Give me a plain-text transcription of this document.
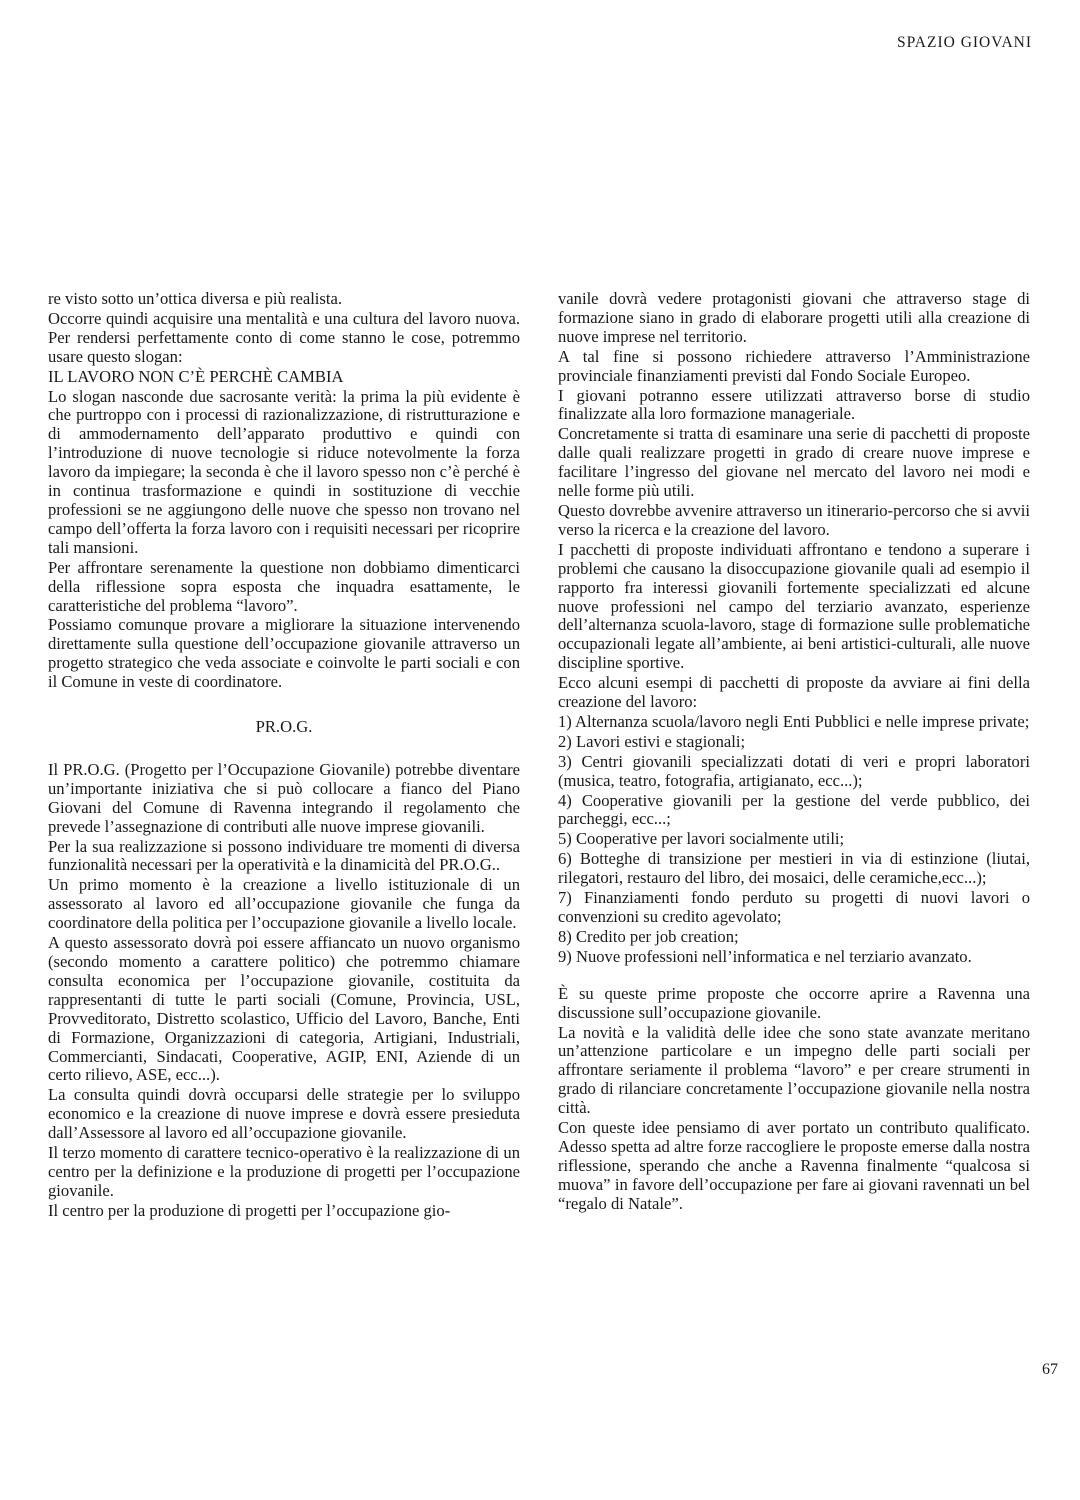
SPAZIO GIOVANI

re visto sotto un’ottica diversa e più realista.

Occorre quindi acquisire una mentalità e una cultura del lavoro nuova. Per rendersi perfettamente conto di come stanno le cose, potremmo usare questo slogan:

IL LAVORO NON C’È PERCHÈ CAMBIA

Lo slogan nasconde due sacrosante verità: la prima la più evidente è che purtroppo con i processi di razionalizzazione, di ristrutturazione e di ammodernamento dell’apparato produttivo e quindi con l’introduzione di nuove tecnologie si riduce notevolmente la forza lavoro da impiegare; la seconda è che il lavoro spesso non c’è perché è in continua trasformazione e quindi in sostituzione di vecchie professioni se ne aggiungono delle nuove che spesso non trovano nel campo dell’offerta la forza lavoro con i requisiti necessari per ricoprire tali mansioni.

Per affrontare serenamente la questione non dobbiamo dimenticarci della riflessione sopra esposta che inquadra esattamente, le caratteristiche del problema “lavoro”.

Possiamo comunque provare a migliorare la situazione intervenendo direttamente sulla questione dell’occupazione giovanile attraverso un progetto strategico che veda associate e coinvolte le parti sociali e con il Comune in veste di coordinatore.

PR.O.G.

Il PR.O.G. (Progetto per l’Occupazione Giovanile) potrebbe diventare un’importante iniziativa che si può collocare a fianco del Piano Giovani del Comune di Ravenna integrando il regolamento che prevede l’assegnazione di contributi alle nuove imprese giovanili.

Per la sua realizzazione si possono individuare tre momenti di diversa funzionalità necessari per la operatività e la dinamicità del PR.O.G..

Un primo momento è la creazione a livello istituzionale di un assessorato al lavoro ed all’occupazione giovanile che funga da coordinatore della politica per l’occupazione giovanile a livello locale.

A questo assessorato dovrà poi essere affiancato un nuovo organismo (secondo momento a carattere politico) che potremmo chiamare consulta economica per l’occupazione giovanile, costituita da rappresentanti di tutte le parti sociali (Comune, Provincia, USL, Provveditorato, Distretto scolastico, Ufficio del Lavoro, Banche, Enti di Formazione, Organizzazioni di categoria, Artigiani, Industriali, Commercianti, Sindacati, Cooperative, AGIP, ENI, Aziende di un certo rilievo, ASE, ecc...).

La consulta quindi dovrà occuparsi delle strategie per lo sviluppo economico e la creazione di nuove imprese e dovrà essere presieduta dall’Assessore al lavoro ed all’occupazione giovanile.

Il terzo momento di carattere tecnico-operativo è la realizzazione di un centro per la definizione e la produzione di progetti per l’occupazione giovanile.

Il centro per la produzione di progetti per l’occupazione gio-

vanile dovrà vedere protagonisti giovani che attraverso stage di formazione siano in grado di elaborare progetti utili alla creazione di nuove imprese nel territorio.

A tal fine si possono richiedere attraverso l’Amministrazione provinciale finanziamenti previsti dal Fondo Sociale Europeo.

I giovani potranno essere utilizzati attraverso borse di studio finalizzate alla loro formazione manageriale.

Concretamente si tratta di esaminare una serie di pacchetti di proposte dalle quali realizzare progetti in grado di creare nuove imprese e facilitare l’ingresso del giovane nel mercato del lavoro nei modi e nelle forme più utili.

Questo dovrebbe avvenire attraverso un itinerario-percorso che si avvii verso la ricerca e la creazione del lavoro.

I pacchetti di proposte individuati affrontano e tendono a superare i problemi che causano la disoccupazione giovanile quali ad esempio il rapporto fra interessi giovanili fortemente specializzati ed alcune nuove professioni nel campo del terziario avanzato, esperienze dell’alternanza scuola-lavoro, stage di formazione sulle problematiche occupazionali legate all’ambiente, ai beni artistici-culturali, alle nuove discipline sportive.

Ecco alcuni esempi di pacchetti di proposte da avviare ai fini della creazione del lavoro:

1) Alternanza scuola/lavoro negli Enti Pubblici e nelle imprese private;

2) Lavori estivi e stagionali;

3) Centri giovanili specializzati dotati di veri e propri laboratori (musica, teatro, fotografia, artigianato, ecc...);

4) Cooperative giovanili per la gestione del verde pubblico, dei parcheggi, ecc...;

5) Cooperative per lavori socialmente utili;

6) Botteghe di transizione per mestieri in via di estinzione (liutai, rilegatori, restauro del libro, dei mosaici, delle ceramiche,ecc...);

7) Finanziamenti fondo perduto su progetti di nuovi lavori o convenzioni su credito agevolato;

8) Credito per job creation;

9) Nuove professioni nell’informatica e nel terziario avanzato.

È su queste prime proposte che occorre aprire a Ravenna una discussione sull’occupazione giovanile.

La novità e la validità delle idee che sono state avanzate meritano un’attenzione particolare e un impegno delle parti sociali per affrontare seriamente il problema “lavoro” e per creare strumenti in grado di rilanciare concretamente l’occupazione giovanile nella nostra città.

Con queste idee pensiamo di aver portato un contributo qualificato. Adesso spetta ad altre forze raccogliere le proposte emerse dalla nostra riflessione, sperando che anche a Ravenna finalmente “qualcosa si muova” in favore dell’occupazione per fare ai giovani ravennati un bel “regalo di Natale”.

67
